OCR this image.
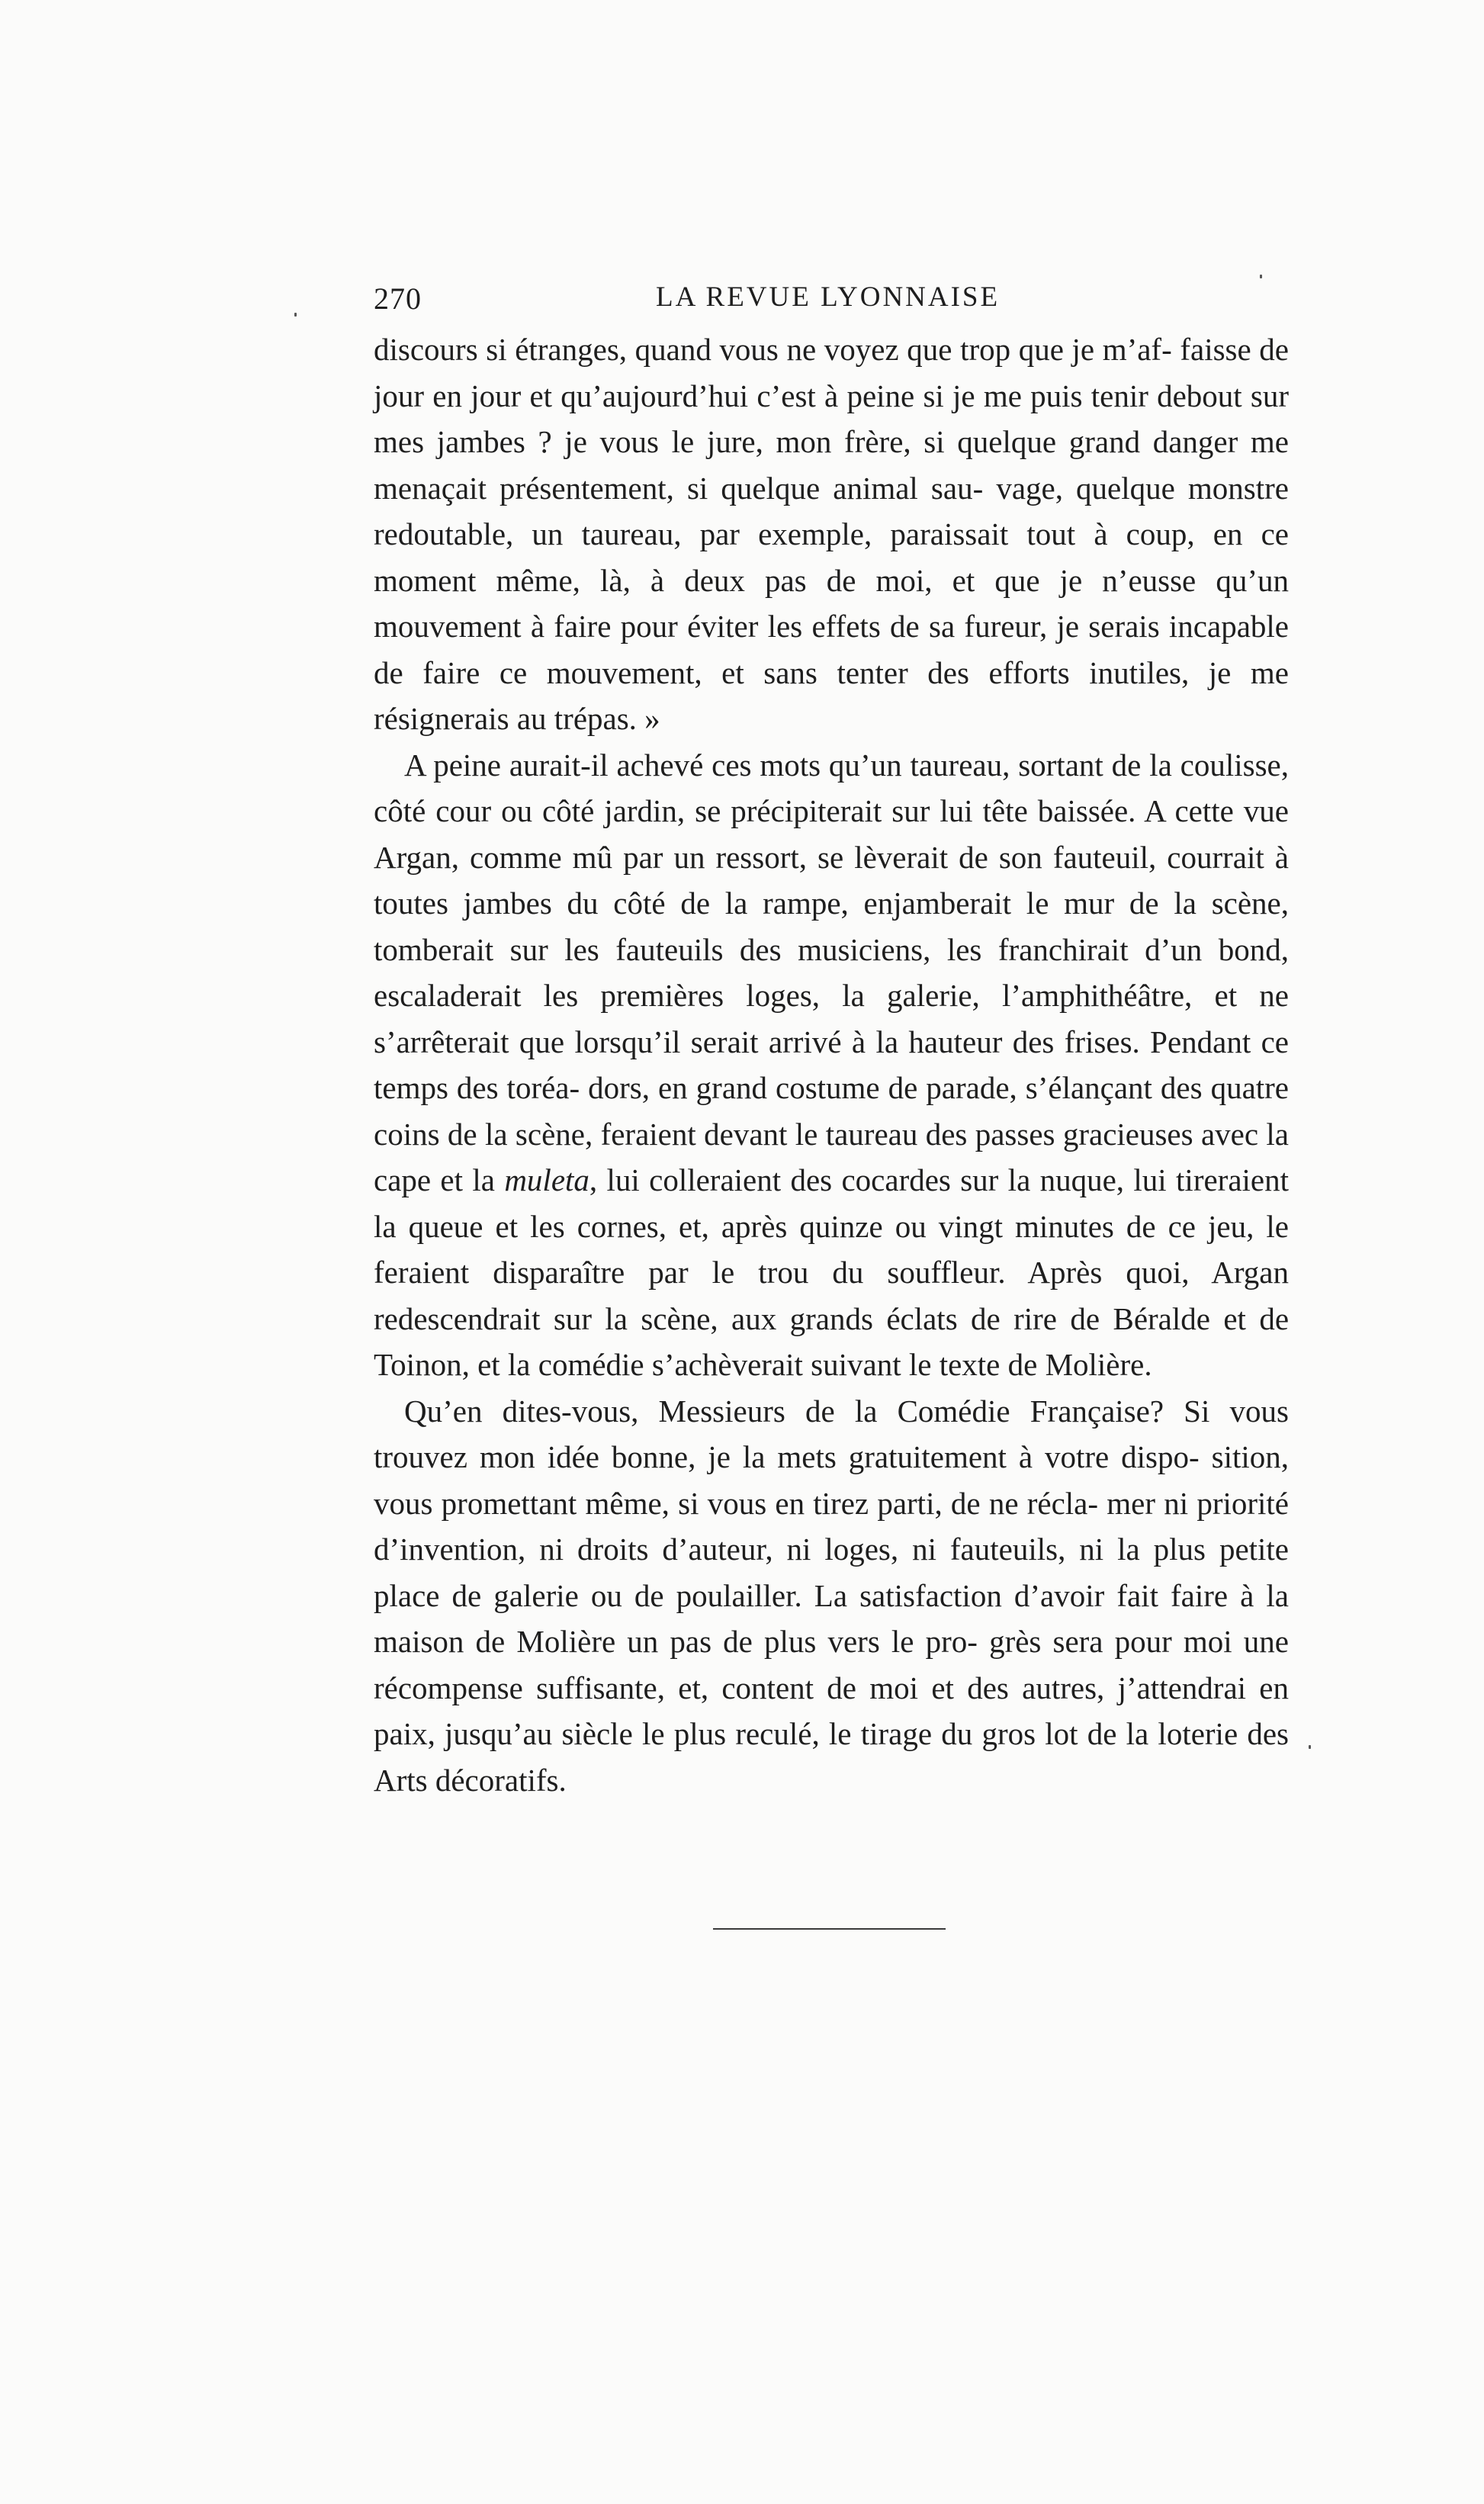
270	LA REVUE LYONNAISE

discours si étranges, quand vous ne voyez que trop que je m’af- faisse de jour en jour et qu’aujourd’hui c’est à peine si je me puis tenir debout sur mes jambes ? je vous le jure, mon frère, si quelque grand danger me menaçait présentement, si quelque animal sau- vage, quelque monstre redoutable, un taureau, par exemple, paraissait tout à coup, en ce moment même, là, à deux pas de moi, et que je n’eusse qu’un mouvement à faire pour éviter les effets de sa fureur, je serais incapable de faire ce mouvement, et sans tenter des efforts inutiles, je me résignerais au trépas. »

A peine aurait-il achevé ces mots qu’un taureau, sortant de la coulisse, côté cour ou côté jardin, se précipiterait sur lui tête baissée. A cette vue Argan, comme mû par un ressort, se lèverait de son fauteuil, courrait à toutes jambes du côté de la rampe, enjamberait le mur de la scène, tomberait sur les fauteuils des musiciens, les franchirait d’un bond, escaladerait les premières loges, la galerie, l’amphithéâtre, et ne s’arrêterait que lorsqu’il serait arrivé à la hauteur des frises. Pendant ce temps des toréa- dors, en grand costume de parade, s’élançant des quatre coins de la scène, feraient devant le taureau des passes gracieuses avec la cape et la muleta, lui colleraient des cocardes sur la nuque, lui tireraient la queue et les cornes, et, après quinze ou vingt minutes de ce jeu, le feraient disparaître par le trou du souffleur. Après quoi, Argan redescendrait sur la scène, aux grands éclats de rire de Béralde et de Toinon, et la comédie s’achèverait suivant le texte de Molière.

Qu’en dites-vous, Messieurs de la Comédie Française? Si vous trouvez mon idée bonne, je la mets gratuitement à votre dispo- sition, vous promettant même, si vous en tirez parti, de ne récla- mer ni priorité d’invention, ni droits d’auteur, ni loges, ni fauteuils, ni la plus petite place de galerie ou de poulailler. La satisfaction d’avoir fait faire à la maison de Molière un pas de plus vers le pro- grès sera pour moi une récompense suffisante, et, content de moi et des autres, j’attendrai en paix, jusqu’au siècle le plus reculé, le tirage du gros lot de la loterie des Arts décoratifs.
